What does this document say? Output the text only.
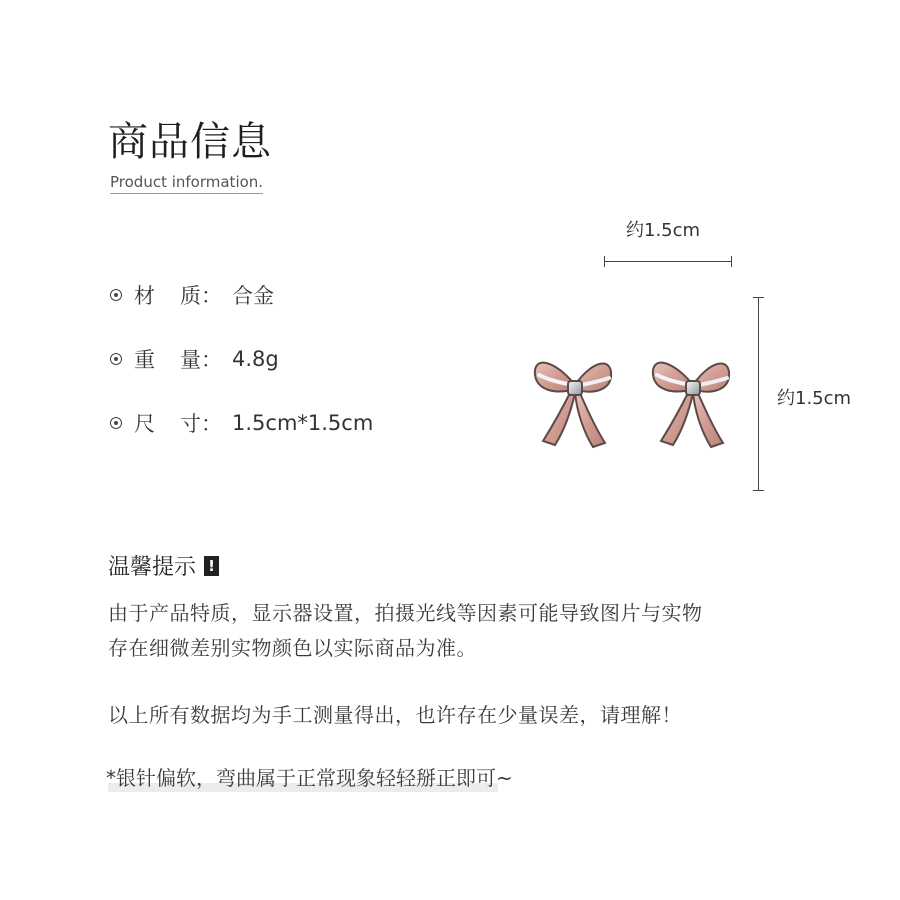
商品信息
Product information.
材 质： 合金
重 量： 4.8g
尺 寸： 1.5cm*1.5cm
约1.5cm
约1.5cm
温馨提示 !
由于产品特质，显示器设置，拍摄光线等因素可能导致图片与实物
存在细微差别实物颜色以实际商品为准。
以上所有数据均为手工测量得出，也许存在少量误差，请理解！
*银针偏软，弯曲属于正常现象轻轻掰正即可~
